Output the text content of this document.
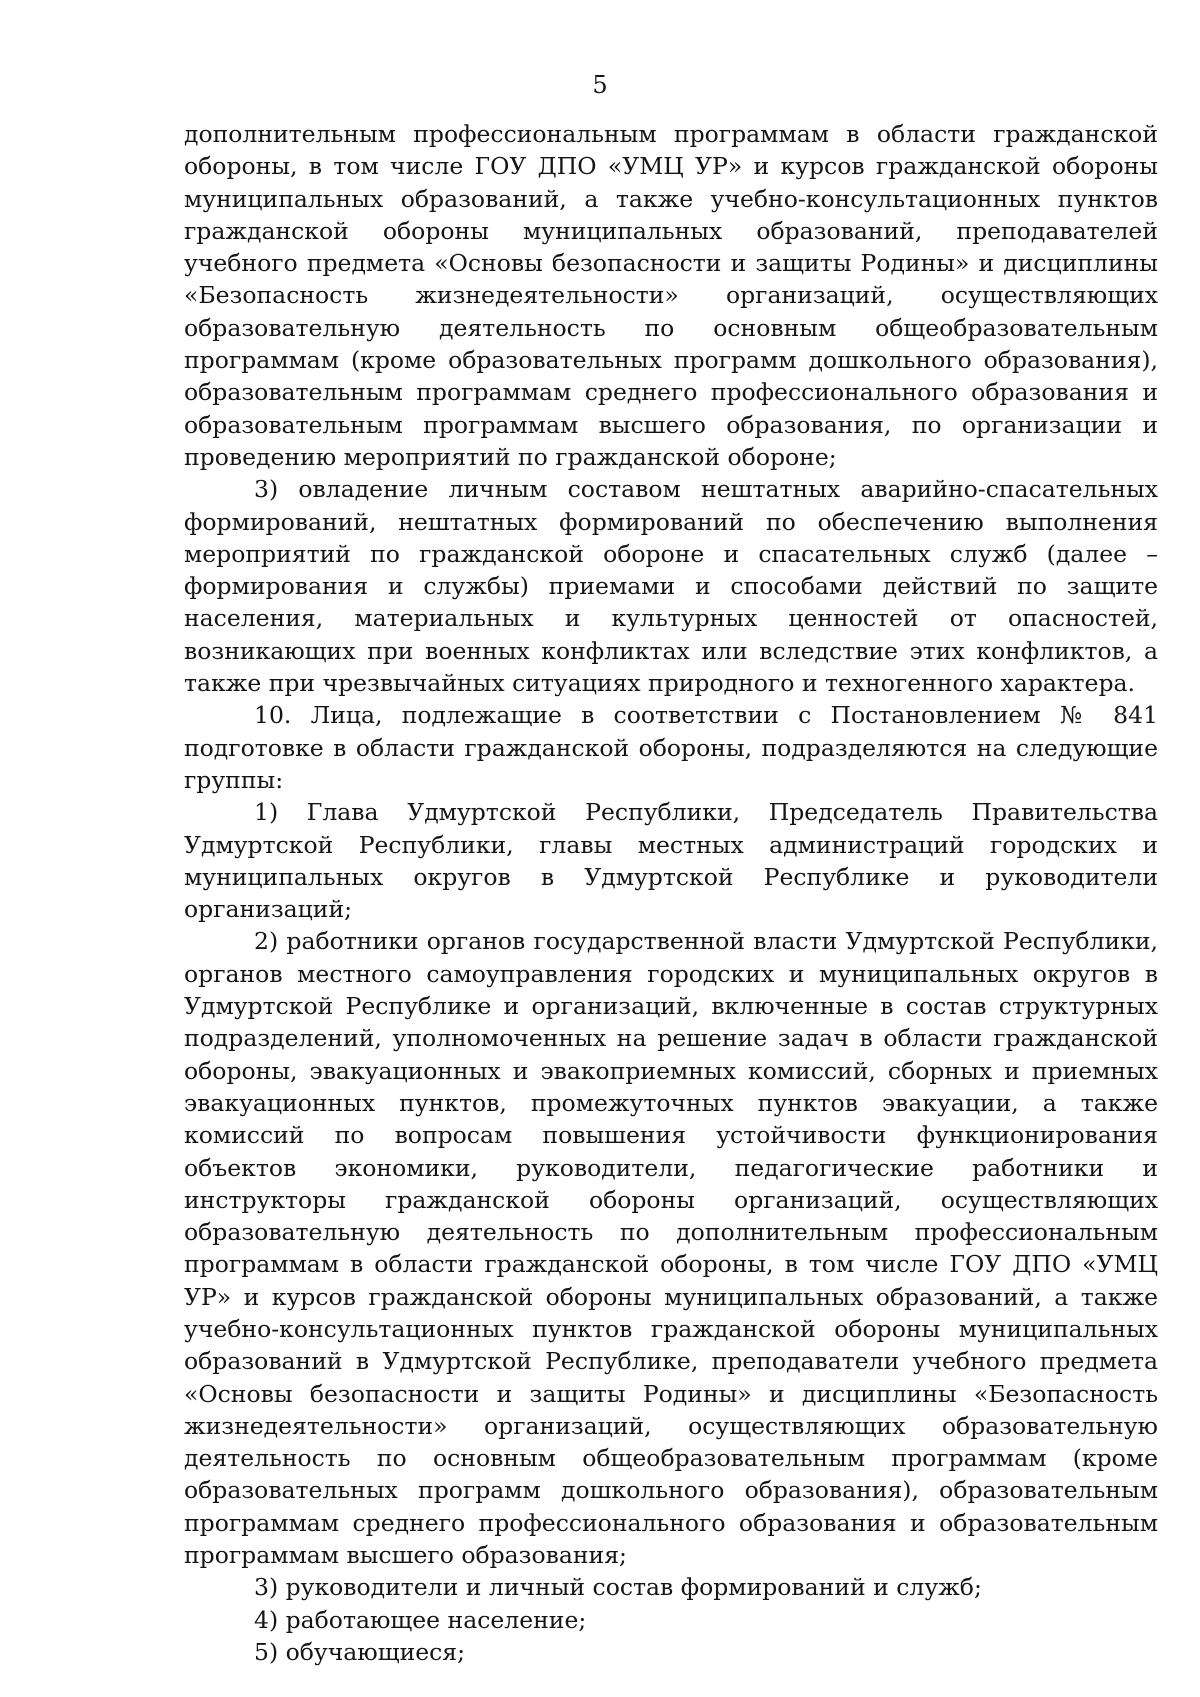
5

дополнительным профессиональным программам в области гражданской обороны, в том числе ГОУ ДПО «УМЦ УР» и курсов гражданской обороны муниципальных образований, а также учебно-консультационных пунктов гражданской обороны муниципальных образований, преподавателей учебного предмета «Основы безопасности и защиты Родины» и дисциплины «Безопасность жизнедеятельности» организаций, осуществляющих образовательную деятельность по основным общеобразовательным программам (кроме образовательных программ дошкольного образования), образовательным программам среднего профессионального образования и образовательным программам высшего образования, по организации и проведению мероприятий по гражданской обороне;

3) овладение личным составом нештатных аварийно-спасательных формирований, нештатных формирований по обеспечению выполнения мероприятий по гражданской обороне и спасательных служб (далее – формирования и службы) приемами и способами действий по защите населения, материальных и культурных ценностей от опасностей, возникающих при военных конфликтах или вследствие этих конфликтов, а также при чрезвычайных ситуациях природного и техногенного характера.

10. Лица, подлежащие в соответствии с Постановлением № 841 подготовке в области гражданской обороны, подразделяются на следующие группы:

1) Глава Удмуртской Республики, Председатель Правительства Удмуртской Республики, главы местных администраций городских и муниципальных округов в Удмуртской Республике и руководители организаций;

2) работники органов государственной власти Удмуртской Республики, органов местного самоуправления городских и муниципальных округов в Удмуртской Республике и организаций, включенные в состав структурных подразделений, уполномоченных на решение задач в области гражданской обороны, эвакуационных и эвакоприемных комиссий, сборных и приемных эвакуационных пунктов, промежуточных пунктов эвакуации, а также комиссий по вопросам повышения устойчивости функционирования объектов экономики, руководители, педагогические работники и инструкторы гражданской обороны организаций, осуществляющих образовательную деятельность по дополнительным профессиональным программам в области гражданской обороны, в том числе ГОУ ДПО «УМЦ УР» и курсов гражданской обороны муниципальных образований, а также учебно-консультационных пунктов гражданской обороны муниципальных образований в Удмуртской Республике, преподаватели учебного предмета «Основы безопасности и защиты Родины» и дисциплины «Безопасность жизнедеятельности» организаций, осуществляющих образовательную деятельность по основным общеобразовательным программам (кроме образовательных программ дошкольного образования), образовательным программам среднего профессионального образования и образовательным программам высшего образования;

3) руководители и личный состав формирований и служб;

4) работающее население;

5) обучающиеся;
